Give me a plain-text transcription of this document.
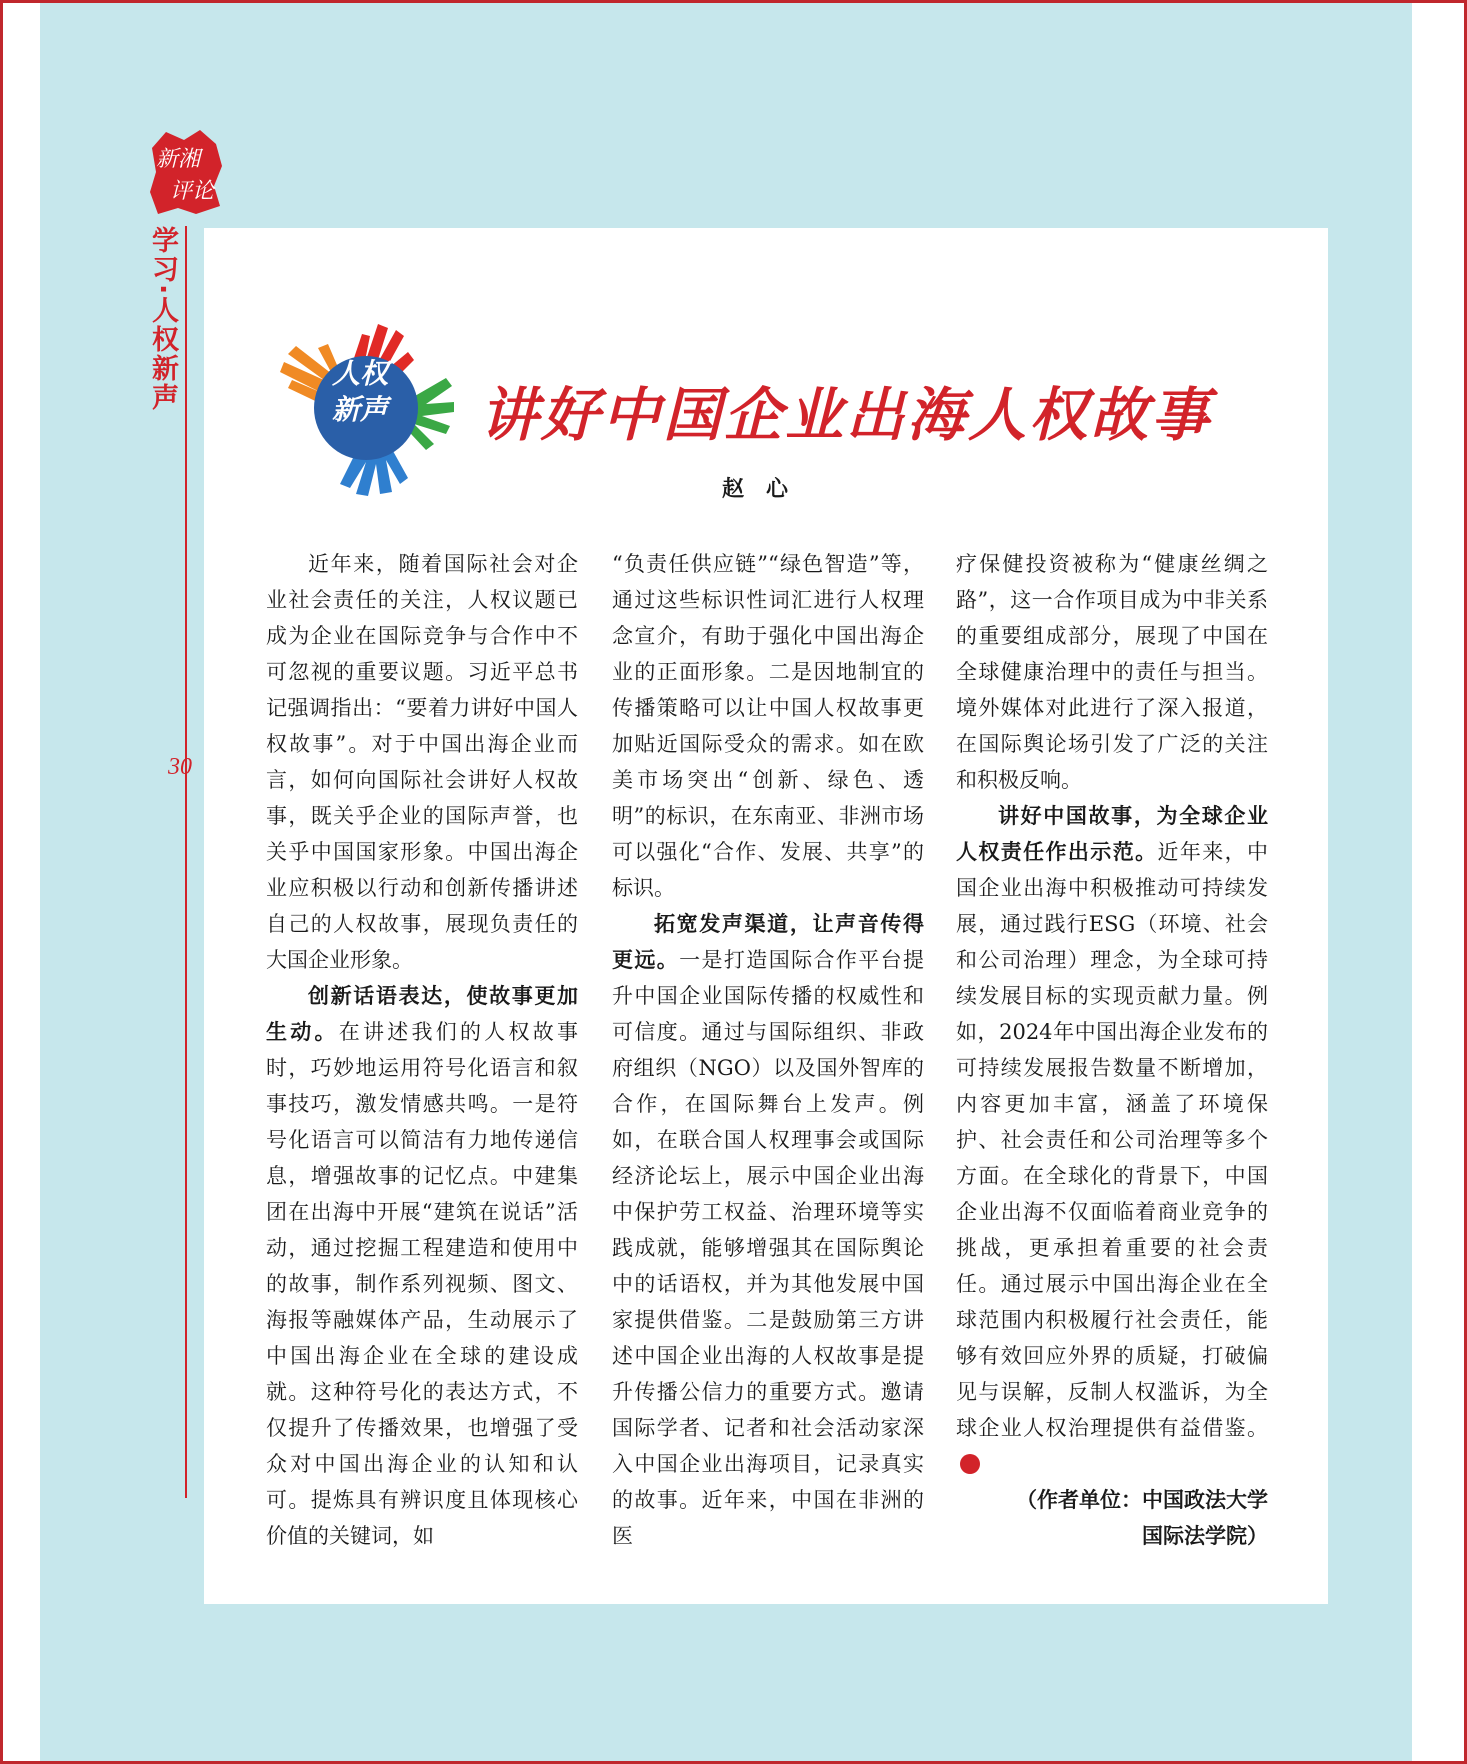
新湘
评论
学习·人权新声
30
人权
新声	讲好中国企业出海人权故事
赵心

近年来，随着国际社会对企业社会责任的关注，人权议题已成为企业在国际竞争与合作中不可忽视的重要议题。习近平总书记强调指出：“要着力讲好中国人权故事”。对于中国出海企业而言，如何向国际社会讲好人权故事，既关乎企业的国际声誉，也关乎中国国家形象。中国出海企业应积极以行动和创新传播讲述自己的人权故事，展现负责任的大国企业形象。

创新话语表达，使故事更加生动。在讲述我们的人权故事时，巧妙地运用符号化语言和叙事技巧，激发情感共鸣。一是符号化语言可以简洁有力地传递信息，增强故事的记忆点。中建集团在出海中开展“建筑在说话”活动，通过挖掘工程建造和使用中的故事，制作系列视频、图文、海报等融媒体产品，生动展示了中国出海企业在全球的建设成就。这种符号化的表达方式，不仅提升了传播效果，也增强了受众对中国出海企业的认知和认可。提炼具有辨识度且体现核心价值的关键词，如

“负责任供应链”“绿色智造”等，通过这些标识性词汇进行人权理念宣介，有助于强化中国出海企业的正面形象。二是因地制宜的传播策略可以让中国人权故事更加贴近国际受众的需求。如在欧美市场突出“创新、绿色、透明”的标识，在东南亚、非洲市场可以强化“合作、发展、共享”的标识。

拓宽发声渠道，让声音传得更远。一是打造国际合作平台提升中国企业国际传播的权威性和可信度。通过与国际组织、非政府组织（NGO）以及国外智库的合作，在国际舞台上发声。例如，在联合国人权理事会或国际经济论坛上，展示中国企业出海中保护劳工权益、治理环境等实践成就，能够增强其在国际舆论中的话语权，并为其他发展中国家提供借鉴。二是鼓励第三方讲述中国企业出海的人权故事是提升传播公信力的重要方式。邀请国际学者、记者和社会活动家深入中国企业出海项目，记录真实的故事。近年来，中国在非洲的医

疗保健投资被称为“健康丝绸之路”，这一合作项目成为中非关系的重要组成部分，展现了中国在全球健康治理中的责任与担当。境外媒体对此进行了深入报道，在国际舆论场引发了广泛的关注和积极反响。

讲好中国故事，为全球企业人权责任作出示范。近年来，中国企业出海中积极推动可持续发展，通过践行ESG（环境、社会和公司治理）理念，为全球可持续发展目标的实现贡献力量。例如，2024年中国出海企业发布的可持续发展报告数量不断增加，内容更加丰富，涵盖了环境保护、社会责任和公司治理等多个方面。在全球化的背景下，中国企业出海不仅面临着商业竞争的挑战，更承担着重要的社会责任。通过展示中国出海企业在全球范围内积极履行社会责任，能够有效回应外界的质疑，打破偏见与误解，反制人权滥诉，为全球企业人权治理提供有益借鉴。

（作者单位：中国政法大学国际法学院）
